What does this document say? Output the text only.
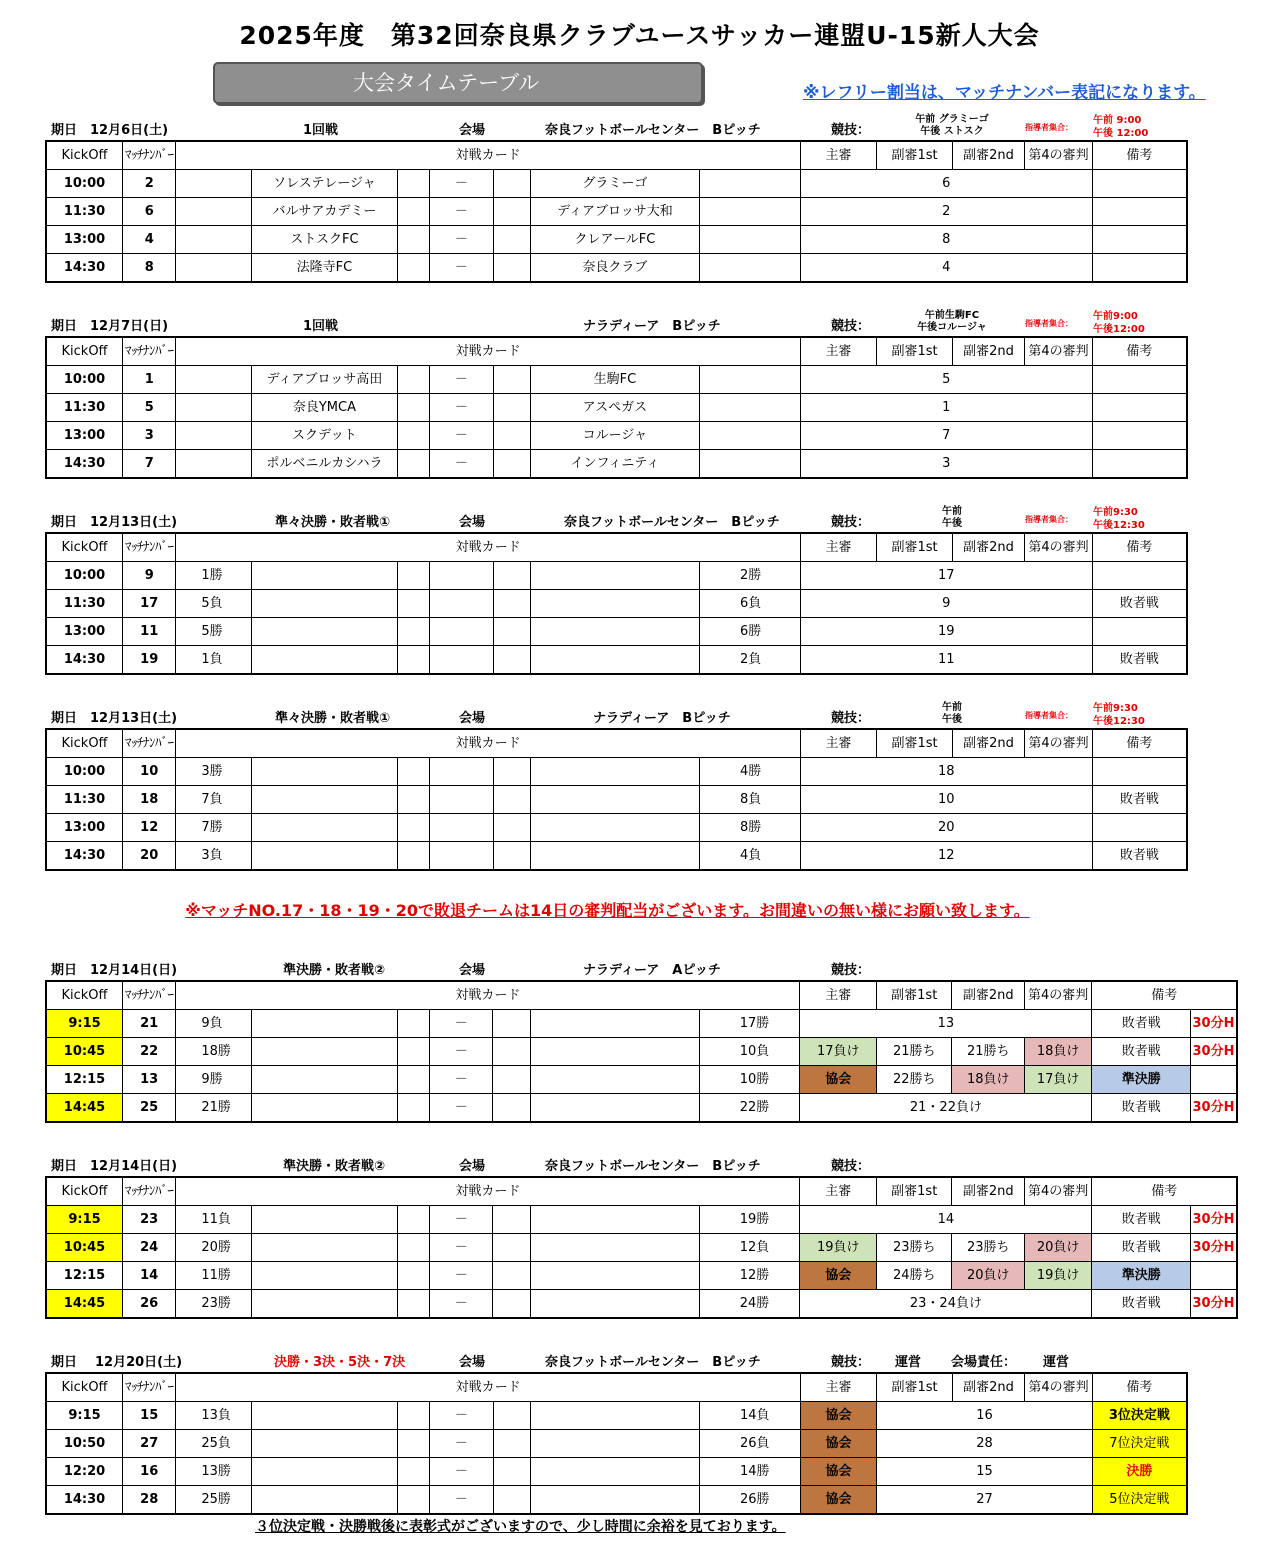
2025年度　第32回奈良県クラブユースサッカー連盟U-15新人大会
大会タイムテーブル	※レフリー割当は、マッチナンバー表記になります。
期日 12月6日(土)	1回戦	会場	奈良フットボールセンター　Bピッチ	競技：
午前 グラミーゴ
午後 ストスク	指導者集合：
午前 9:00
午後 12:00
KickOff	ﾏｯﾁﾅﾝﾊﾞｰ	対戦カード							主審	副審1st	副審2nd	第4の審判	備考
10:00	2		ソレステレージャ		－		グラミーゴ		6				
11:30	6		バルサアカデミー		－		ディアブロッサ大和		2				
13:00	4		ストスクFC		－		クレアールFC		8				
14:30	8		法隆寺FC		－		奈良クラブ		4				
期日 12月7日(日)	1回戦	ナラディーア　Bピッチ	競技：
午前生駒FC
午後コルージャ	指導者集合：
午前9:00
午後12:00
KickOff	ﾏｯﾁﾅﾝﾊﾞｰ	対戦カード							主審	副審1st	副審2nd	第4の審判	備考
10:00	1		ディアブロッサ高田		－		生駒FC		5				
11:30	5		奈良YMCA		－		アスペガス		1				
13:00	3		スクデット		－		コルージャ		7				
14:30	7		ポルベニルカシハラ		－		インフィニティ		3				
期日 12月13日(土)	準々決勝・敗者戦①	会場	奈良フットボールセンター　Bピッチ	競技：
午前
午後	指導者集合：
午前9:30
午後12:30
KickOff	ﾏｯﾁﾅﾝﾊﾞｰ	対戦カード							主審	副審1st	副審2nd	第4の審判	備考
10:00	9	1勝						2勝	17				
11:30	17	5負						6負	9				敗者戦
13:00	11	5勝						6勝	19				
14:30	19	1負						2負	11				敗者戦
期日 12月13日(土)	準々決勝・敗者戦①	会場	ナラディーア　Bピッチ	競技：
午前
午後	指導者集合：
午前9:30
午後12:30
KickOff	ﾏｯﾁﾅﾝﾊﾞｰ	対戦カード							主審	副審1st	副審2nd	第4の審判	備考
10:00	10	3勝						4勝	18				
11:30	18	7負						8負	10				敗者戦
13:00	12	7勝						8勝	20				
14:30	20	3負						4負	12				敗者戦
※マッチNO.17・18・19・20で敗退チームは14日の審判配当がございます。お間違いの無い様にお願い致します。
期日 12月14日(日)	準決勝・敗者戦②	会場	ナラディーア　Aピッチ	競技：
KickOff	ﾏｯﾁﾅﾝﾊﾞｰ	対戦カード							主審	副審1st	副審2nd	第4の審判	備考	
9:15	21	9負			－			17勝	13				敗者戦	30分H
10:45	22	18勝			－			10負	17負け	21勝ち	21勝ち	18負け	敗者戦	30分H
12:15	13	9勝			－			10勝	協会	22勝ち	18負け	17負け	準決勝	
14:45	25	21勝			－			22勝	21・22負け				敗者戦	30分H
期日 12月14日(日)	準決勝・敗者戦②	会場	奈良フットボールセンター　Bピッチ	競技：
KickOff	ﾏｯﾁﾅﾝﾊﾞｰ	対戦カード							主審	副審1st	副審2nd	第4の審判	備考	
9:15	23	11負			－			19勝	14				敗者戦	30分H
10:45	24	20勝			－			12負	19負け	23勝ち	23勝ち	20負け	敗者戦	30分H
12:15	14	11勝			－			12勝	協会	24勝ち	20負け	19負け	準決勝	
14:45	26	23勝			－			24勝	23・24負け				敗者戦	30分H
期日 12月20日(土)	決勝・3決・5決・7決	会場	奈良フットボールセンター　Bピッチ	競技： 運営 会場責任： 運営
KickOff	ﾏｯﾁﾅﾝﾊﾞｰ	対戦カード							主審	副審1st	副審2nd	第4の審判	備考
9:15	15	13負			－			14負	協会	16			3位決定戦
10:50	27	25負			－			26負	協会	28			7位決定戦
12:20	16	13勝			－			14勝	協会	15			決勝
14:30	28	25勝			－			26勝	協会	27			5位決定戦
３位決定戦・決勝戦後に表彰式がございますので、少し時間に余裕を見ております。
